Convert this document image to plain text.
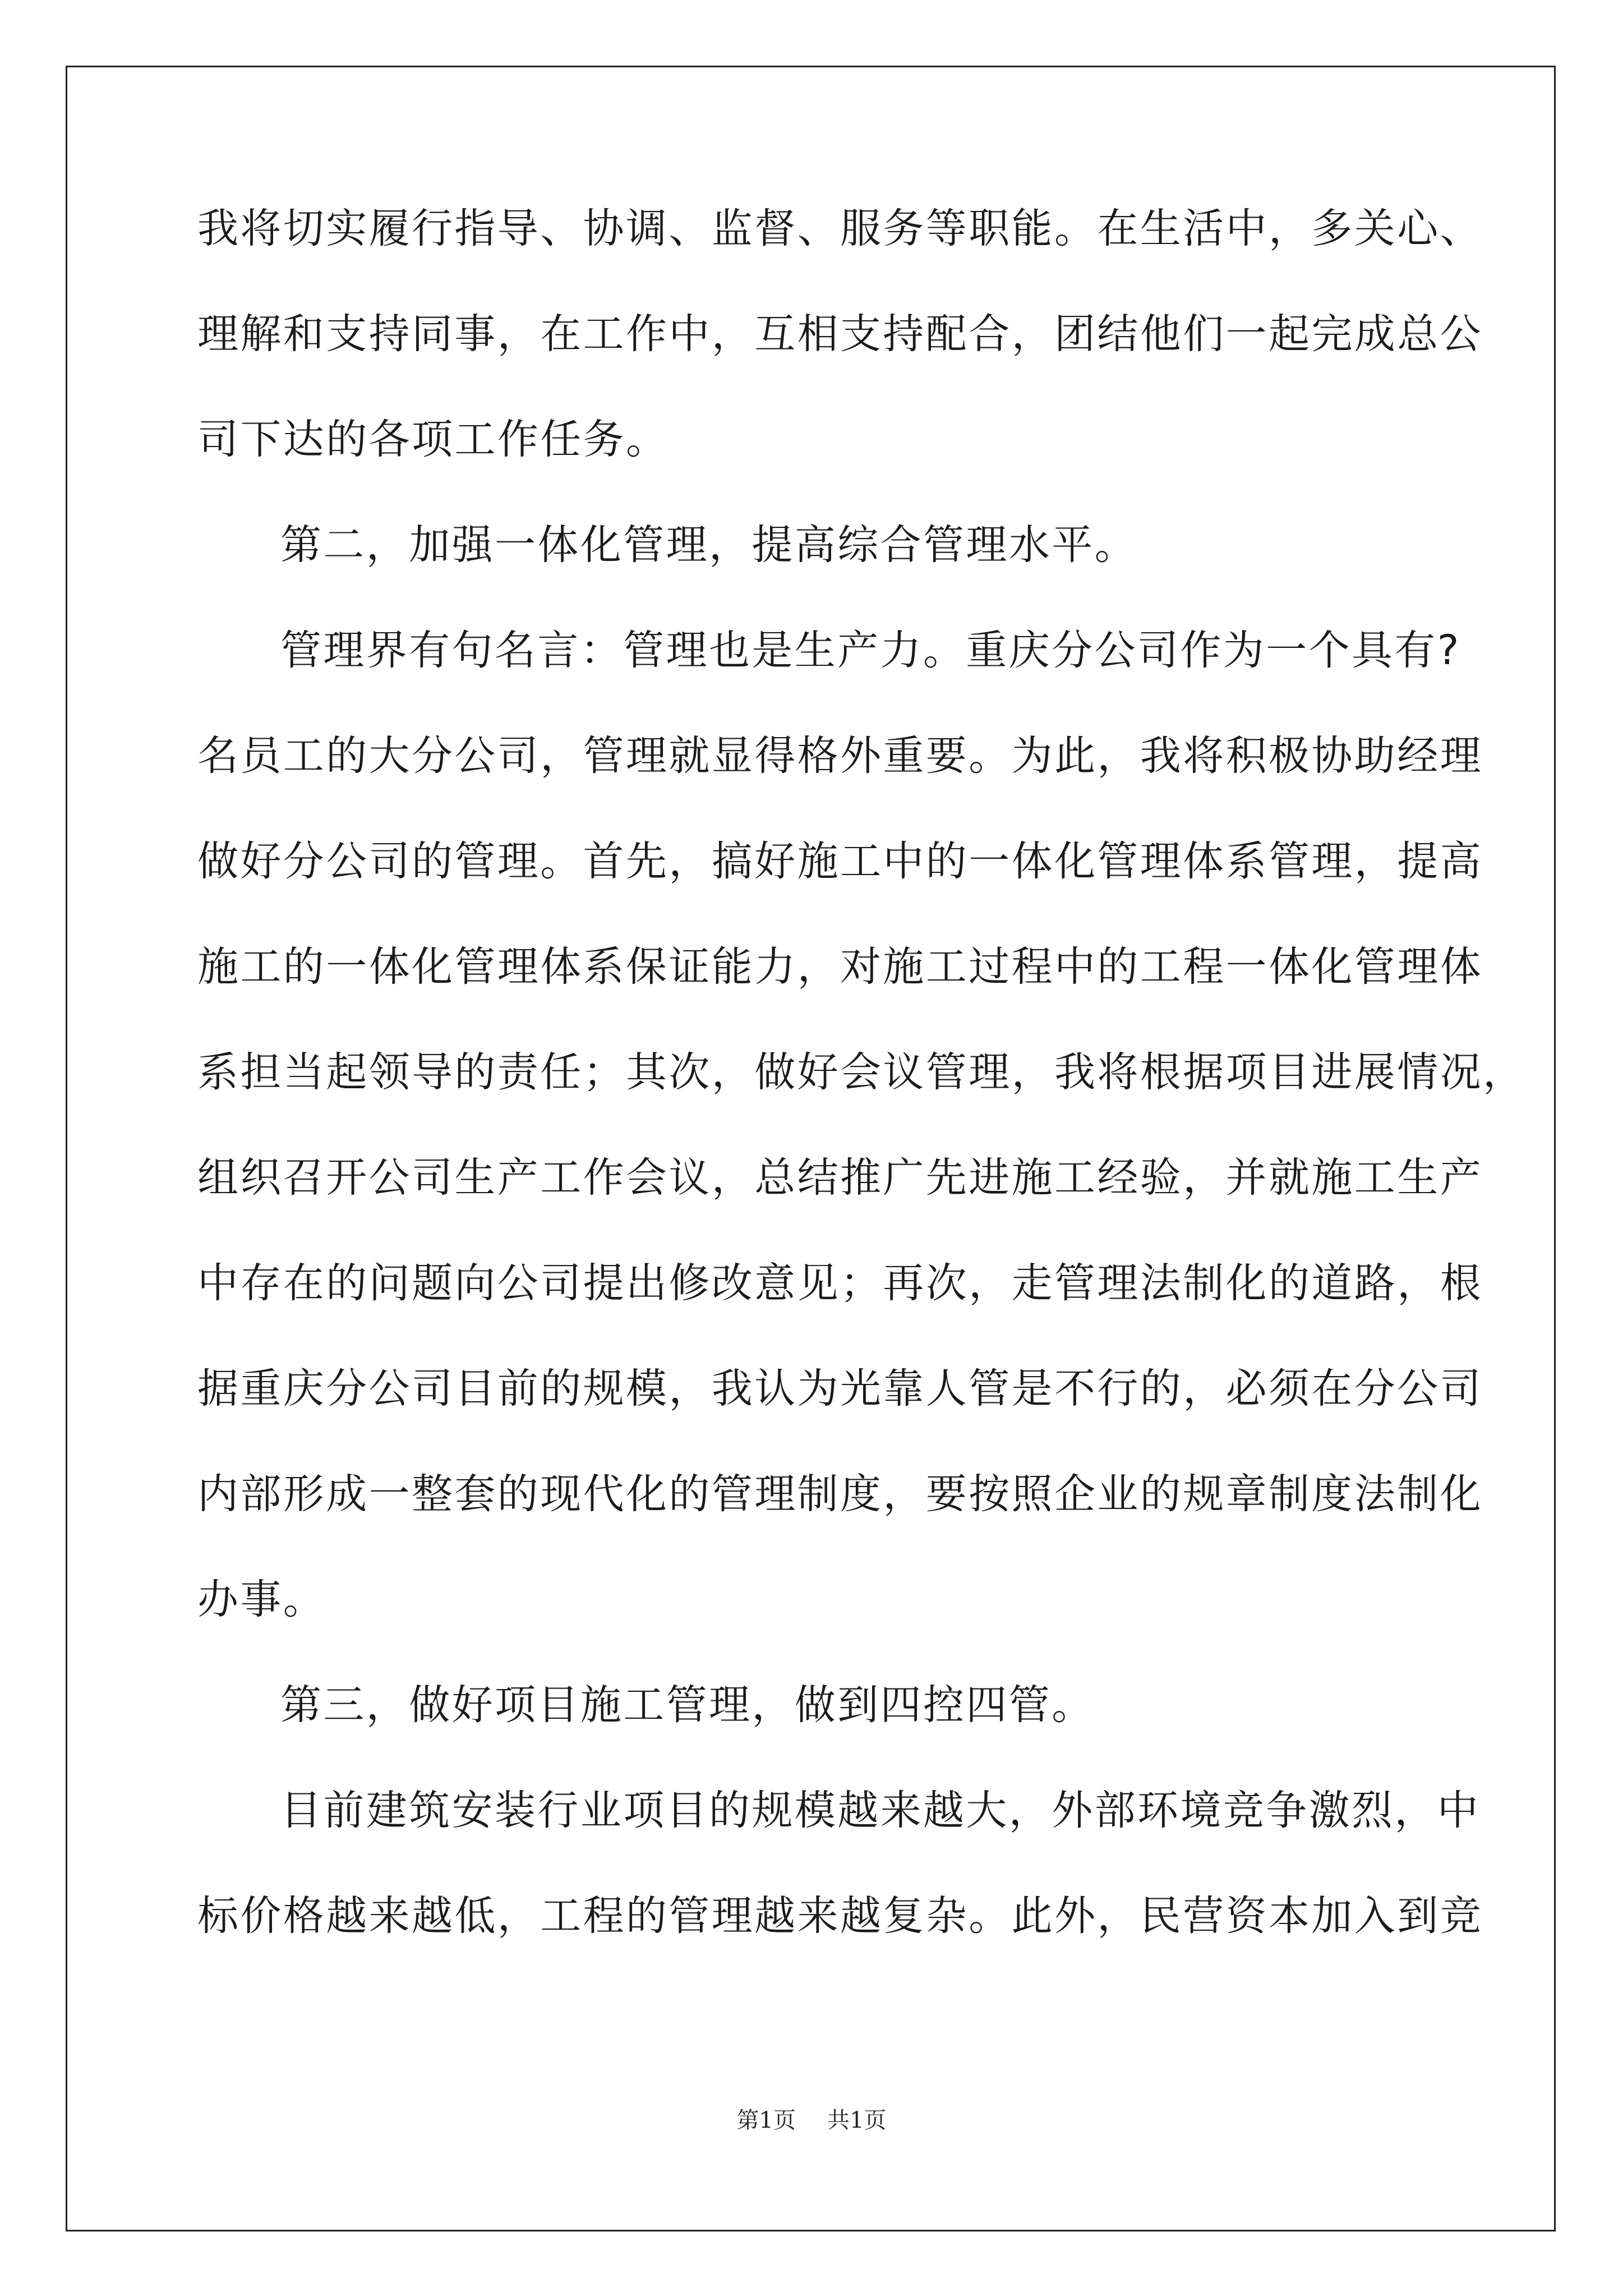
我将切实履行指导、协调、监督、服务等职能。在生活中，多关心、
理解和支持同事，在工作中，互相支持配合，团结他们一起完成总公
司下达的各项工作任务。
第二，加强一体化管理，提高综合管理水平。
管理界有句名言：管理也是生产力。重庆分公司作为一个具有?
名员工的大分公司，管理就显得格外重要。为此，我将积极协助经理
做好分公司的管理。首先，搞好施工中的一体化管理体系管理，提高
施工的一体化管理体系保证能力，对施工过程中的工程一体化管理体
系担当起领导的责任；其次，做好会议管理，我将根据项目进展情况，
组织召开公司生产工作会议，总结推广先进施工经验，并就施工生产
中存在的问题向公司提出修改意见；再次，走管理法制化的道路，根
据重庆分公司目前的规模，我认为光靠人管是不行的，必须在分公司
内部形成一整套的现代化的管理制度，要按照企业的规章制度法制化
办事。
第三，做好项目施工管理，做到四控四管。
目前建筑安装行业项目的规模越来越大，外部环境竞争激烈，中
标价格越来越低，工程的管理越来越复杂。此外，民营资本加入到竞
第1页 共1页
